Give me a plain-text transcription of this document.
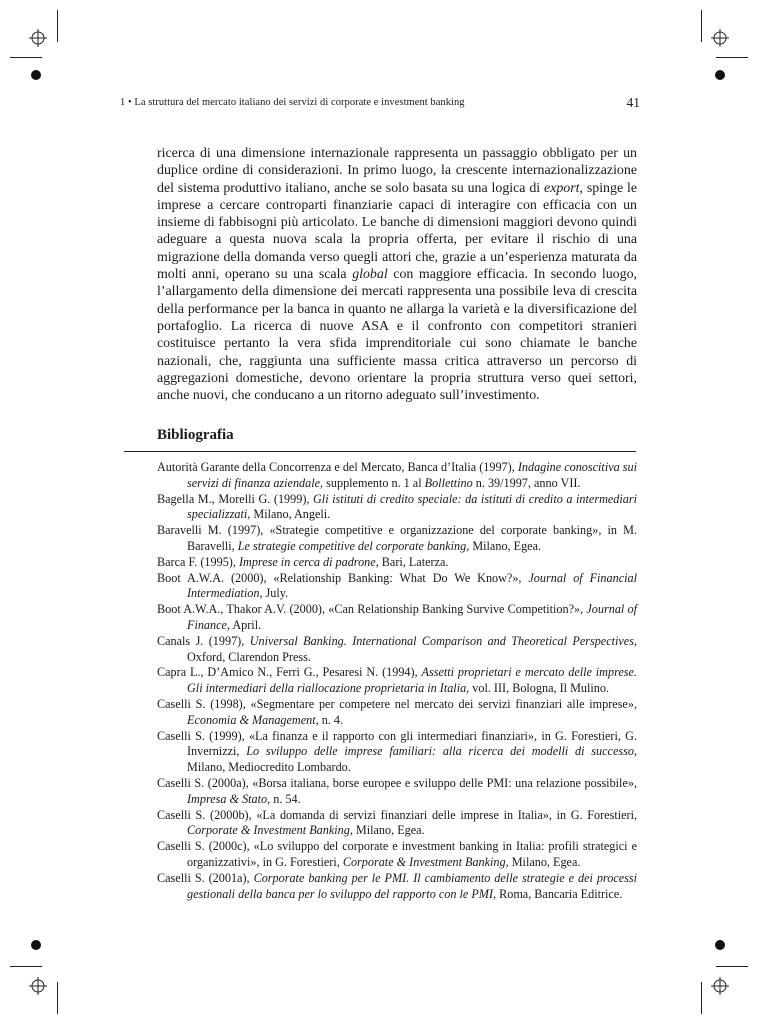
1 • La struttura del mercato italiano dei servizi di corporate e investment banking	41

ricerca di una dimensione internazionale rappresenta un passaggio obbligato per un duplice ordine di considerazioni. In primo luogo, la crescente internazionalizzazione del sistema produttivo italiano, anche se solo basata su una logica di export, spinge le imprese a cercare controparti finanziarie capaci di interagire con efficacia con un insieme di fabbisogni più articolato. Le banche di dimensioni maggiori devono quindi adeguare a questa nuova scala la propria offerta, per evitare il rischio di una migrazione della domanda verso quegli attori che, grazie a un’esperienza maturata da molti anni, operano su una scala global con maggiore efficacia. In secondo luogo, l’allargamento della dimensione dei mercati rappresenta una possibile leva di crescita della performance per la banca in quanto ne allarga la varietà e la diversificazione del portafoglio. La ricerca di nuove ASA e il confronto con competitori stranieri costituisce pertanto la vera sfida imprenditoriale cui sono chiamate le banche nazionali, che, raggiunta una sufficiente massa critica attraverso un percorso di aggregazioni domestiche, devono orientare la propria struttura verso quei settori, anche nuovi, che conducano a un ritorno adeguato sull’investimento.

Bibliografia
Autorità Garante della Concorrenza e del Mercato, Banca d’Italia (1997), Indagine conoscitiva sui servizi di finanza aziendale, supplemento n. 1 al Bollettino n. 39/1997, anno VII.
Bagella M., Morelli G. (1999), Gli istituti di credito speciale: da istituti di credito a intermediari specializzati, Milano, Angeli.
Baravelli M. (1997), «Strategie competitive e organizzazione del corporate banking», in M. Baravelli, Le strategie competitive del corporate banking, Milano, Egea.
Barca F. (1995), Imprese in cerca di padrone, Bari, Laterza.
Boot A.W.A. (2000), «Relationship Banking: What Do We Know?», Journal of Financial Intermediation, July.
Boot A.W.A., Thakor A.V. (2000), «Can Relationship Banking Survive Competition?», Journal of Finance, April.
Canals J. (1997), Universal Banking. International Comparison and Theoretical Perspectives, Oxford, Clarendon Press.
Capra L., D’Amico N., Ferri G., Pesaresi N. (1994), Assetti proprietari e mercato delle imprese. Gli intermediari della riallocazione proprietaria in Italia, vol. III, Bologna, Il Mulino.
Caselli S. (1998), «Segmentare per competere nel mercato dei servizi finanziari alle imprese», Economia & Management, n. 4.
Caselli S. (1999), «La finanza e il rapporto con gli intermediari finanziari», in G. Forestieri, G. Invernizzi, Lo sviluppo delle imprese familiari: alla ricerca dei modelli di successo, Milano, Mediocredito Lombardo.
Caselli S. (2000a), «Borsa italiana, borse europee e sviluppo delle PMI: una relazione possibile», Impresa & Stato, n. 54.
Caselli S. (2000b), «La domanda di servizi finanziari delle imprese in Italia», in G. Forestieri, Corporate & Investment Banking, Milano, Egea.
Caselli S. (2000c), «Lo sviluppo del corporate e investment banking in Italia: profili strategici e organizzativi», in G. Forestieri, Corporate & Investment Banking, Milano, Egea.
Caselli S. (2001a), Corporate banking per le PMI. Il cambiamento delle strategie e dei processi gestionali della banca per lo sviluppo del rapporto con le PMI, Roma, Bancaria Editrice.
